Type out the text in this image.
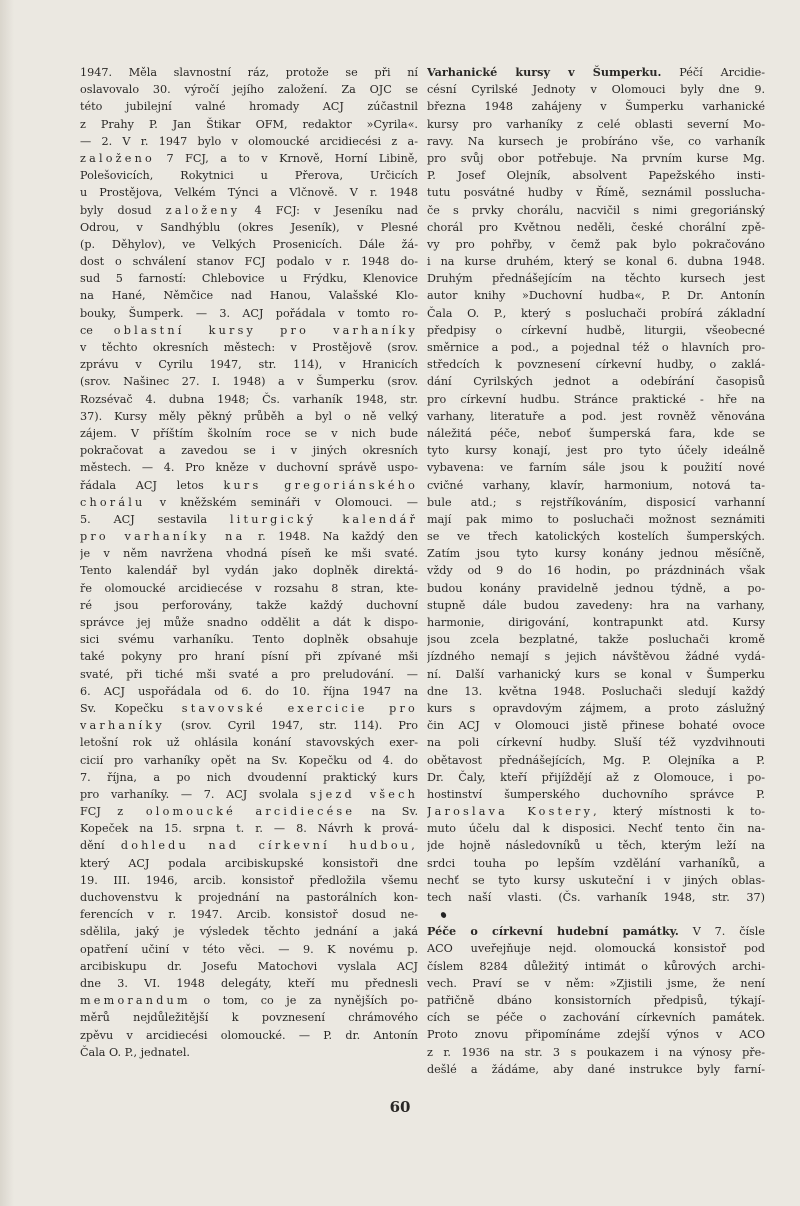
1947. Měla slavnostní ráz, protože se při ní
oslavovalo 30. výročí jejího založení. Za OJC se
této jubilejní valné hromady ACJ zúčastnil
z Prahy P. Jan Štikar OFM, redaktor »Cyrila«.
— 2. V r. 1947 bylo v olomoucké arcidiecési z a-
založeno 7 FCJ, a to v Krnově, Horní Libině,
Polešovicích, Rokytnici u Přerova, Určicích
u Prostějova, Velkém Týnci a Vlčnově. V r. 1948
byly dosud založeny 4 FCJ: v Jeseníku nad
Odrou, v Sandhýblu (okres Jeseník), v Plesné
(p. Děhylov), ve Velkých Prosenicích. Dále žá-
dost o schválení stanov FCJ podalo v r. 1948 do-
sud 5 farností: Chlebovice u Frýdku, Klenovice
na Hané, Němčice nad Hanou, Valašské Klo-
bouky, Šumperk. — 3. ACJ pořádala v tomto ro-
ce oblastní kursy pro varhaníky
v těchto okresních městech: v Prostějově (srov.
zprávu v Cyrilu 1947, str. 114), v Hranicích
(srov. Našinec 27. I. 1948) a v Šumperku (srov.
Rozsévač 4. dubna 1948; Čs. varhaník 1948, str.
37). Kursy měly pěkný průběh a byl o ně velký
zájem. V příštím školním roce se v nich bude
pokračovat a zavedou se i v jiných okresních
městech. — 4. Pro kněze v duchovní správě uspo-
řádala ACJ letos kurs gregoriánského
chorálu v kněžském semináři v Olomouci. —
5. ACJ sestavila liturgický kalendář
pro varhaníky na r. 1948. Na každý den
je v něm navržena vhodná píseň ke mši svaté.
Tento kalendář byl vydán jako doplněk direktá-
ře olomoucké arcidiecése v rozsahu 8 stran, kte-
ré jsou perforovány, takže každý duchovní
správce jej může snadno oddělit a dát k dispo-
sici svému varhaníku. Tento doplněk obsahuje
také pokyny pro hraní písní při zpívané mši
svaté, při tiché mši svaté a pro preludování. —
6. ACJ uspořádala od 6. do 10. října 1947 na
Sv. Kopečku stavovské exercicie pro
varhaníky (srov. Cyril 1947, str. 114). Pro
letošní rok už ohlásila konání stavovských exer-
cicií pro varhaníky opět na Sv. Kopečku od 4. do
7. října, a po nich dvoudenní praktický kurs
pro varhaníky. — 7. ACJ svolala sjezd všech
FCJ z olomoucké arcidiecése na Sv.
Kopeček na 15. srpna t. r. — 8. Návrh k prová-
dění dohledu nad církevní hudbou,
který ACJ podala arcibiskupské konsistoři dne
19. III. 1946, arcib. konsistoř předložila všemu
duchovenstvu k projednání na pastorálních kon-
ferencích v r. 1947. Arcib. konsistoř dosud ne-
sdělila, jaký je výsledek těchto jednání a jaká
opatření učiní v této věci. — 9. K novému p.
arcibiskupu dr. Josefu Matochovi vyslala ACJ
dne 3. VI. 1948 delegáty, kteří mu přednesli
memorandum o tom, co je za nynějších po-
měrů nejdůležitější k povznesení chrámového
zpěvu v arcidiecési olomoucké. — P. dr. Antonín
Čala O. P., jednatel.
Varhanické kursy v Šumperku. Péčí Arcidie-
césní Cyrilské Jednoty v Olomouci byly dne 9.
března 1948 zahájeny v Šumperku varhanické
kursy pro varhaníky z celé oblasti severní Mo-
ravy. Na kursech je probíráno vše, co varhaník
pro svůj obor potřebuje. Na prvním kurse Mg.
P. Josef Olejník, absolvent Papežského insti-
tutu posvátné hudby v Římě, seznámil posslucha-
če s prvky chorálu, nacvičil s nimi gregoriánský
chorál pro Květnou neděli, české chorální zpě-
vy pro pohřby, v čemž pak bylo pokračováno
i na kurse druhém, který se konal 6. dubna 1948.
Druhým přednášejícím na těchto kursech jest
autor knihy »Duchovní hudba«, P. Dr. Antonín
Čala O. P., který s posluchači probírá základní
předpisy o církevní hudbě, liturgii, všeobecné
směrnice a pod., a pojednal též o hlavních pro-
středcích k povznesení církevní hudby, o zaklá-
dání Cyrilských jednot a odebírání časopisů
pro církevní hudbu. Stránce praktické - hře na
varhany, literatuře a pod. jest rovněž věnována
náležitá péče, neboť šumperská fara, kde se
tyto kursy konají, jest pro tyto účely ideálně
vybavena: ve farním sále jsou k použití nové
cvičné varhany, klavír, harmonium, notová ta-
bule atd.; s rejstříkováním, disposicí varhanní
mají pak mimo to posluchači možnost seznámiti
se ve třech katolických kostelích šumperských.
Zatím jsou tyto kursy konány jednou měsíčně,
vždy od 9 do 16 hodin, po prázdninách však
budou konány pravidelně jednou týdně, a po-
stupně dále budou zavedeny: hra na varhany,
harmonie, dirigování, kontrapunkt atd. Kursy
jsou zcela bezplatné, takže posluchači kromě
jízdného nemají s jejich návštěvou žádné vydá-
ní. Další varhanický kurs se konal v Šumperku
dne 13. května 1948. Posluchači sledují každý
kurs s opravdovým zájmem, a proto záslužný
čin ACJ v Olomouci jistě přinese bohaté ovoce
na poli církevní hudby. Sluší též vyzdvihnouti
obětavost přednášejících, Mg. P. Olejníka a P.
Dr. Čaly, kteří přijíždějí až z Olomouce, i po-
hostinství šumperského duchovního správce P.
Jaroslava Kostery, který místnosti k to-
muto účelu dal k disposici. Nechť tento čin na-
jde hojně následovníků u těch, kterým leží na
srdci touha po lepším vzdělání varhaníků, a
nechť se tyto kursy uskuteční i v jiných oblas-
tech naší vlasti. (Čs. varhaník 1948, str. 37)
Péče o církevní hudební památky. V 7. čísle
ACO uveřejňuje nejd. olomoucká konsistoř pod
číslem 8284 důležitý intimát o kůrových archi-
vech. Praví se v něm: »Zjistili jsme, že není
patřičně dbáno konsistorních předpisů, týkají-
cích se péče o zachování církevních památek.
Proto znovu připomínáme zdejší výnos v ACO
z r. 1936 na str. 3 s poukazem i na výnosy pře-
dešlé a žádáme, aby dané instrukce byly farní-
60
